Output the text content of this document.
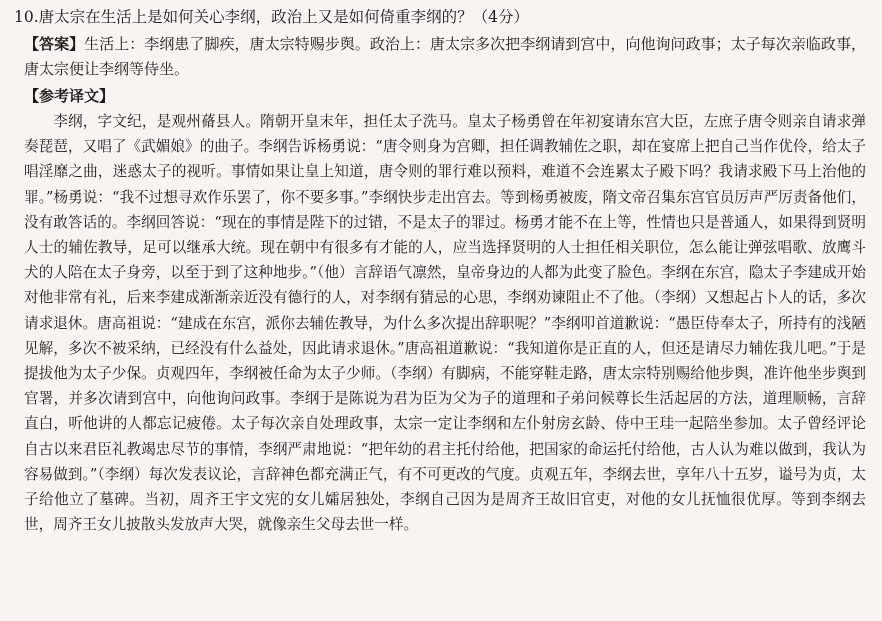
10.唐太宗在生活上是如何关心李纲，政治上又是如何倚重李纲的？（4分）

【答案】生活上：李纲患了脚疾，唐太宗特赐步舆。政治上：唐太宗多次把李纲请到宫中，向他询问政事；太子每次亲临政事，唐太宗便让李纲等侍坐。

【参考译文】

李纲，字文纪，是观州蓨县人。隋朝开皇末年，担任太子洗马。皇太子杨勇曾在年初宴请东宫大臣，左庶子唐令则亲自请求弹奏琵琶，又唱了《武媚娘》的曲子。李纲告诉杨勇说：“唐令则身为宫卿，担任调教辅佐之职，却在宴席上把自己当作优伶，给太子唱淫靡之曲，迷惑太子的视听。事情如果让皇上知道，唐令则的罪行难以预料，难道不会连累太子殿下吗？我请求殿下马上治他的罪。”杨勇说：“我不过想寻欢作乐罢了，你不要多事。”李纲快步走出宫去。等到杨勇被废，隋文帝召集东宫官员厉声严厉责备他们，没有敢答话的。李纲回答说：“现在的事情是陛下的过错，不是太子的罪过。杨勇才能不在上等，性情也只是普通人，如果得到贤明人士的辅佐教导，足可以继承大统。现在朝中有很多有才能的人，应当选择贤明的人士担任相关职位，怎么能让弹弦唱歌、放鹰斗犬的人陪在太子身旁，以至于到了这种地步。”（他）言辞语气凛然，皇帝身边的人都为此变了脸色。李纲在东宫，隐太子李建成开始对他非常有礼，后来李建成渐渐亲近没有德行的人，对李纲有猜忌的心思，李纲劝谏阻止不了他。（李纲）又想起占卜人的话，多次请求退休。唐高祖说：“建成在东宫，派你去辅佐教导，为什么多次提出辞职呢？”李纲叩首道歉说：“愚臣侍奉太子，所持有的浅陋见解，多次不被采纳，已经没有什么益处，因此请求退休。”唐高祖道歉说：“我知道你是正直的人，但还是请尽力辅佐我儿吧。”于是提拔他为太子少保。贞观四年，李纲被任命为太子少师。（李纲）有脚病，不能穿鞋走路，唐太宗特别赐给他步舆，准许他坐步舆到官署，并多次请到宫中，向他询问政事。李纲于是陈说为君为臣为父为子的道理和子弟问候尊长生活起居的方法，道理顺畅，言辞直白，听他讲的人都忘记疲倦。太子每次亲自处理政事，太宗一定让李纲和左仆射房玄龄、侍中王珪一起陪坐参加。太子曾经评论自古以来君臣礼教竭忠尽节的事情，李纲严肃地说：“把年幼的君主托付给他，把国家的命运托付给他，古人认为难以做到，我认为容易做到。”（李纲）每次发表议论，言辞神色都充满正气，有不可更改的气度。贞观五年，李纲去世，享年八十五岁，谥号为贞，太子给他立了墓碑。当初，周齐王宇文宪的女儿孀居独处，李纲自己因为是周齐王故旧官吏，对他的女儿抚恤很优厚。等到李纲去世，周齐王女儿披散头发放声大哭，就像亲生父母去世一样。
